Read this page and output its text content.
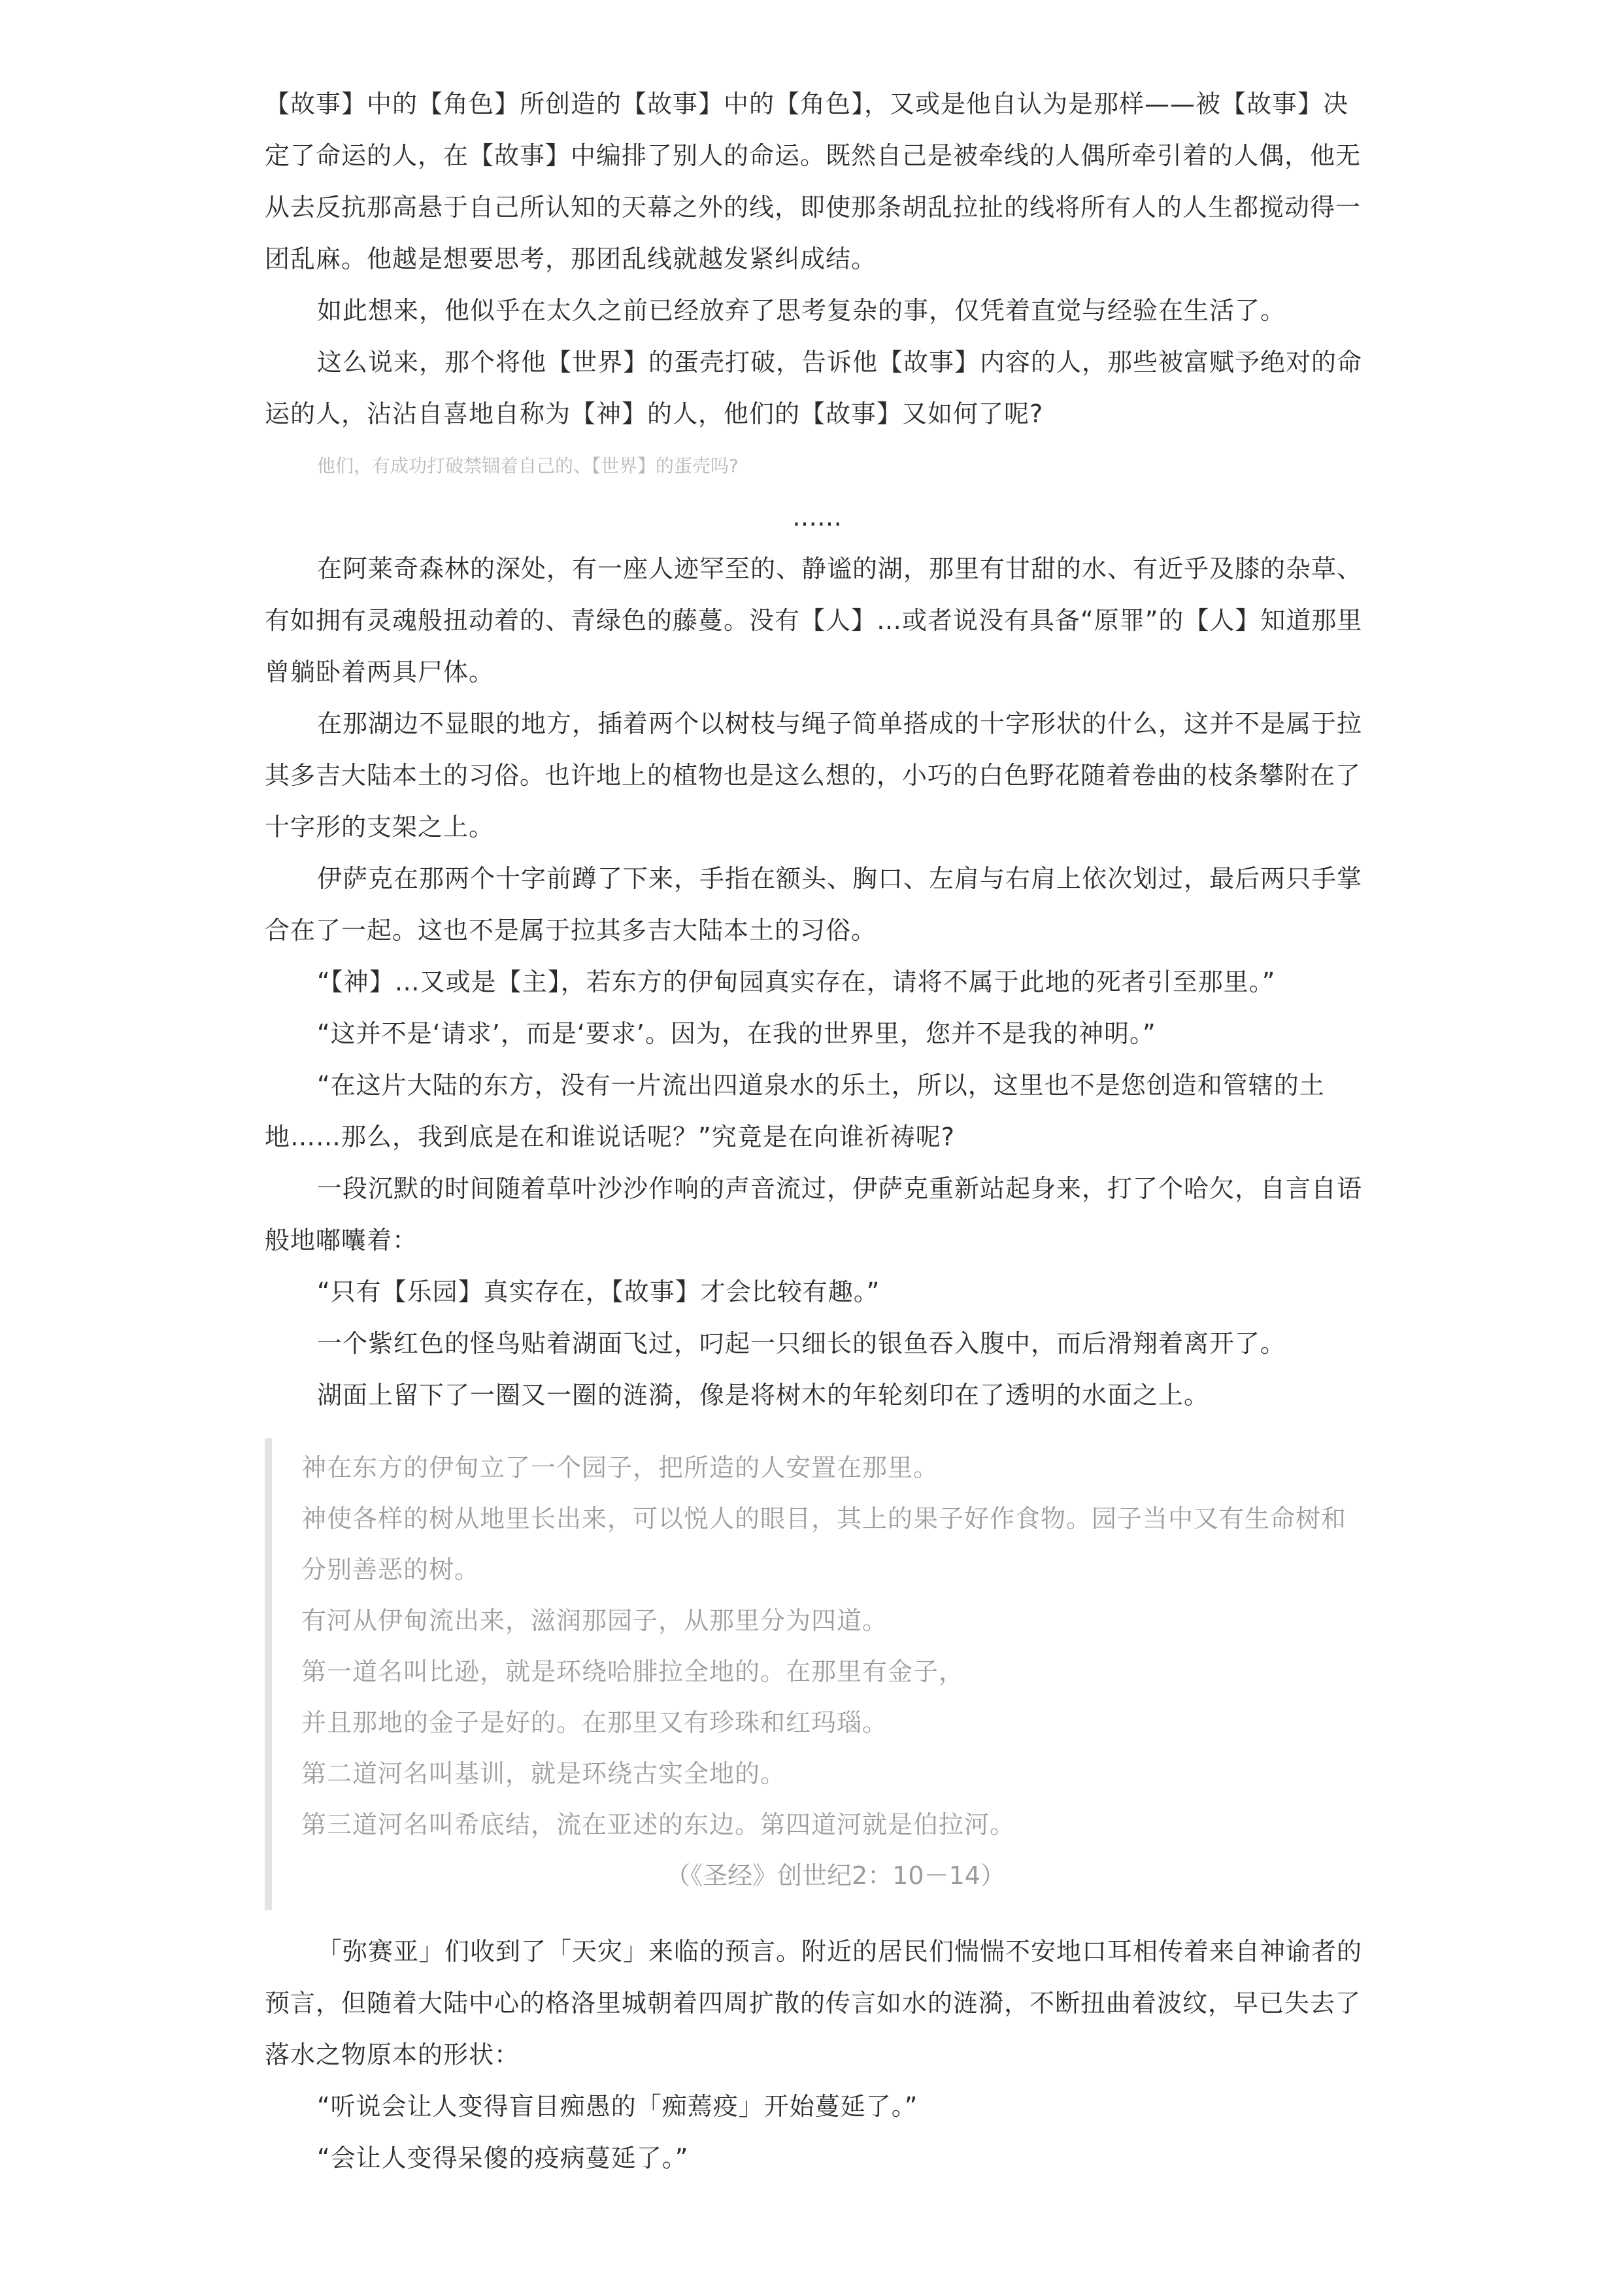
【故事】中的【角色】所创造的【故事】中的【角色】，又或是他自认为是那样——被【故事】决定了命运的人，在【故事】中编排了别人的命运。既然自己是被牵线的人偶所牵引着的人偶，他无从去反抗那高悬于自己所认知的天幕之外的线，即使那条胡乱拉扯的线将所有人的人生都搅动得一团乱麻。他越是想要思考，那团乱线就越发紧纠成结。

如此想来，他似乎在太久之前已经放弃了思考复杂的事，仅凭着直觉与经验在生活了。

这么说来，那个将他【世界】的蛋壳打破，告诉他【故事】内容的人，那些被富赋予绝对的命运的人，沾沾自喜地自称为【神】的人，他们的【故事】又如何了呢?

他们，有成功打破禁锢着自己的、【世界】的蛋壳吗?

……

在阿莱奇森林的深处，有一座人迹罕至的、静谧的湖，那里有甘甜的水、有近乎及膝的杂草、有如拥有灵魂般扭动着的、青绿色的藤蔓。没有【人】…或者说没有具备“原罪”的【人】知道那里曾躺卧着两具尸体。

在那湖边不显眼的地方，插着两个以树枝与绳子简单搭成的十字形状的什么，这并不是属于拉其多吉大陆本土的习俗。也许地上的植物也是这么想的，小巧的白色野花随着卷曲的枝条攀附在了十字形的支架之上。

伊萨克在那两个十字前蹲了下来，手指在额头、胸口、左肩与右肩上依次划过，最后两只手掌合在了一起。这也不是属于拉其多吉大陆本土的习俗。

“【神】…又或是【主】，若东方的伊甸园真实存在，请将不属于此地的死者引至那里。”

“这并不是‘请求’，而是‘要求’。因为，在我的世界里，您并不是我的神明。”

“在这片大陆的东方，没有一片流出四道泉水的乐土，所以，这里也不是您创造和管辖的土地……那么，我到底是在和谁说话呢？”究竟是在向谁祈祷呢?

一段沉默的时间随着草叶沙沙作响的声音流过，伊萨克重新站起身来，打了个哈欠，自言自语般地嘟囔着：

“只有【乐园】真实存在，【故事】才会比较有趣。”

一个紫红色的怪鸟贴着湖面飞过，叼起一只细长的银鱼吞入腹中，而后滑翔着离开了。

湖面上留下了一圈又一圈的涟漪，像是将树木的年轮刻印在了透明的水面之上。

神在东方的伊甸立了一个园子，把所造的人安置在那里。

神使各样的树从地里长出来，可以悦人的眼目，其上的果子好作食物。园子当中又有生命树和分别善恶的树。

有河从伊甸流出来，滋润那园子，从那里分为四道。

第一道名叫比逊，就是环绕哈腓拉全地的。在那里有金子，

并且那地的金子是好的。在那里又有珍珠和红玛瑙。

第二道河名叫基训，就是环绕古实全地的。

第三道河名叫希底结，流在亚述的东边。第四道河就是伯拉河。

（《圣经》创世纪2：10－14）

「弥赛亚」们收到了「天灾」来临的预言。附近的居民们惴惴不安地口耳相传着来自神谕者的预言，但随着大陆中心的格洛里城朝着四周扩散的传言如水的涟漪，不断扭曲着波纹，早已失去了落水之物原本的形状：

“听说会让人变得盲目痴愚的「痴蔫疫」开始蔓延了。”

“会让人变得呆傻的疫病蔓延了。”
